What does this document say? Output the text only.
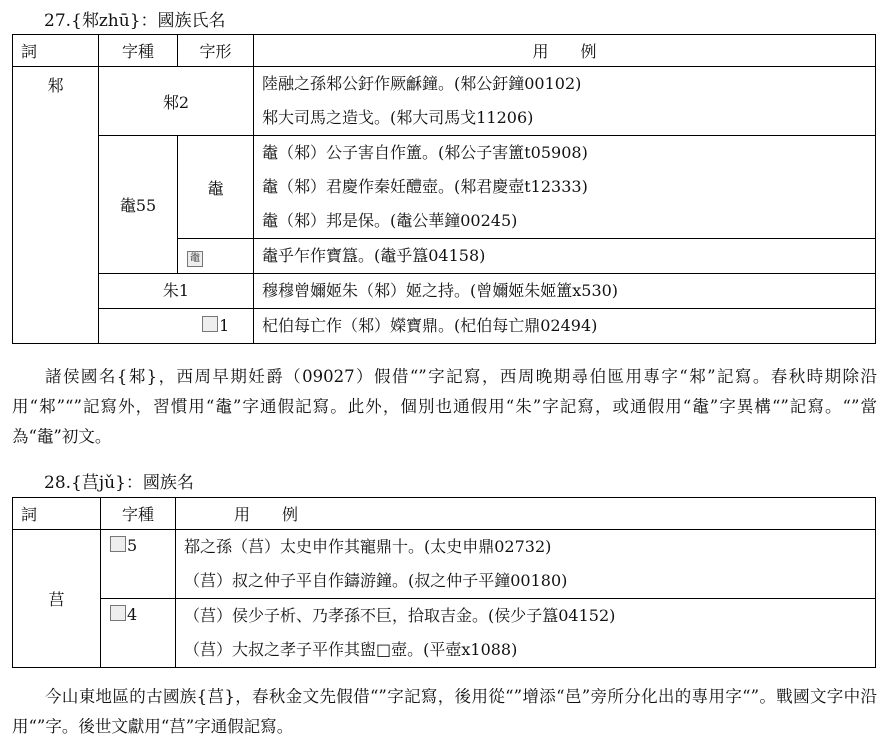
27.{邾zhū}：國族氏名
詞	字種	字形	用　　例
邾	邾2		陸融之孫邾公釪作厥龢鐘。(邾公釪鐘00102)
邾大司馬之造戈。(邾大司馬戈11206)

	鼄55	鼄	鼄（邾）公子害自作簠。(邾公子害簠t05908)
鼄（邾）君慶作秦妊醴壺。(邾君慶壺t12333)
鼄（邾）邦是保。(鼄公華鐘00245)

		鼄	鼄乎乍作寶簋。(鼄乎簋04158)
	朱1		穆穆曾嬭姬朱（邾）姬之持。(曾嬭姬朱姬簠x530)
		1	杞伯每亡作（邾）嬫寶鼎。(杞伯每亡鼎02494)
諸侯國名{邾}，西周早期妊爵（09027）假借“”字記寫，西周晚期尋伯匜用專字“邾”記寫。春秋時期除沿用“邾”“”記寫外，習慣用“鼄”字通假記寫。此外，個別也通假用“朱”字記寫，或通假用“鼄”字異構“”記寫。“”當為“鼄”初文。
28.{莒jǔ}：國族名
詞	字種	用　　例
莒	5	鄀之孫（莒）太史申作其寵鼎十。(太史申鼎02732)
（莒）叔之仲子平自作鑄游鐘。(叔之仲子平鐘00180)

	4	（莒）侯少子析、乃孝孫不巨，拾取吉金。(侯少子簋04152)
（莒）大叔之孝子平作其盥□壺。(平壺x1088)
今山東地區的古國族{莒}，春秋金文先假借“”字記寫，後用從“”增添“邑”旁所分化出的專用字“”。戰國文字中沿用“”字。後世文獻用“莒”字通假記寫。
